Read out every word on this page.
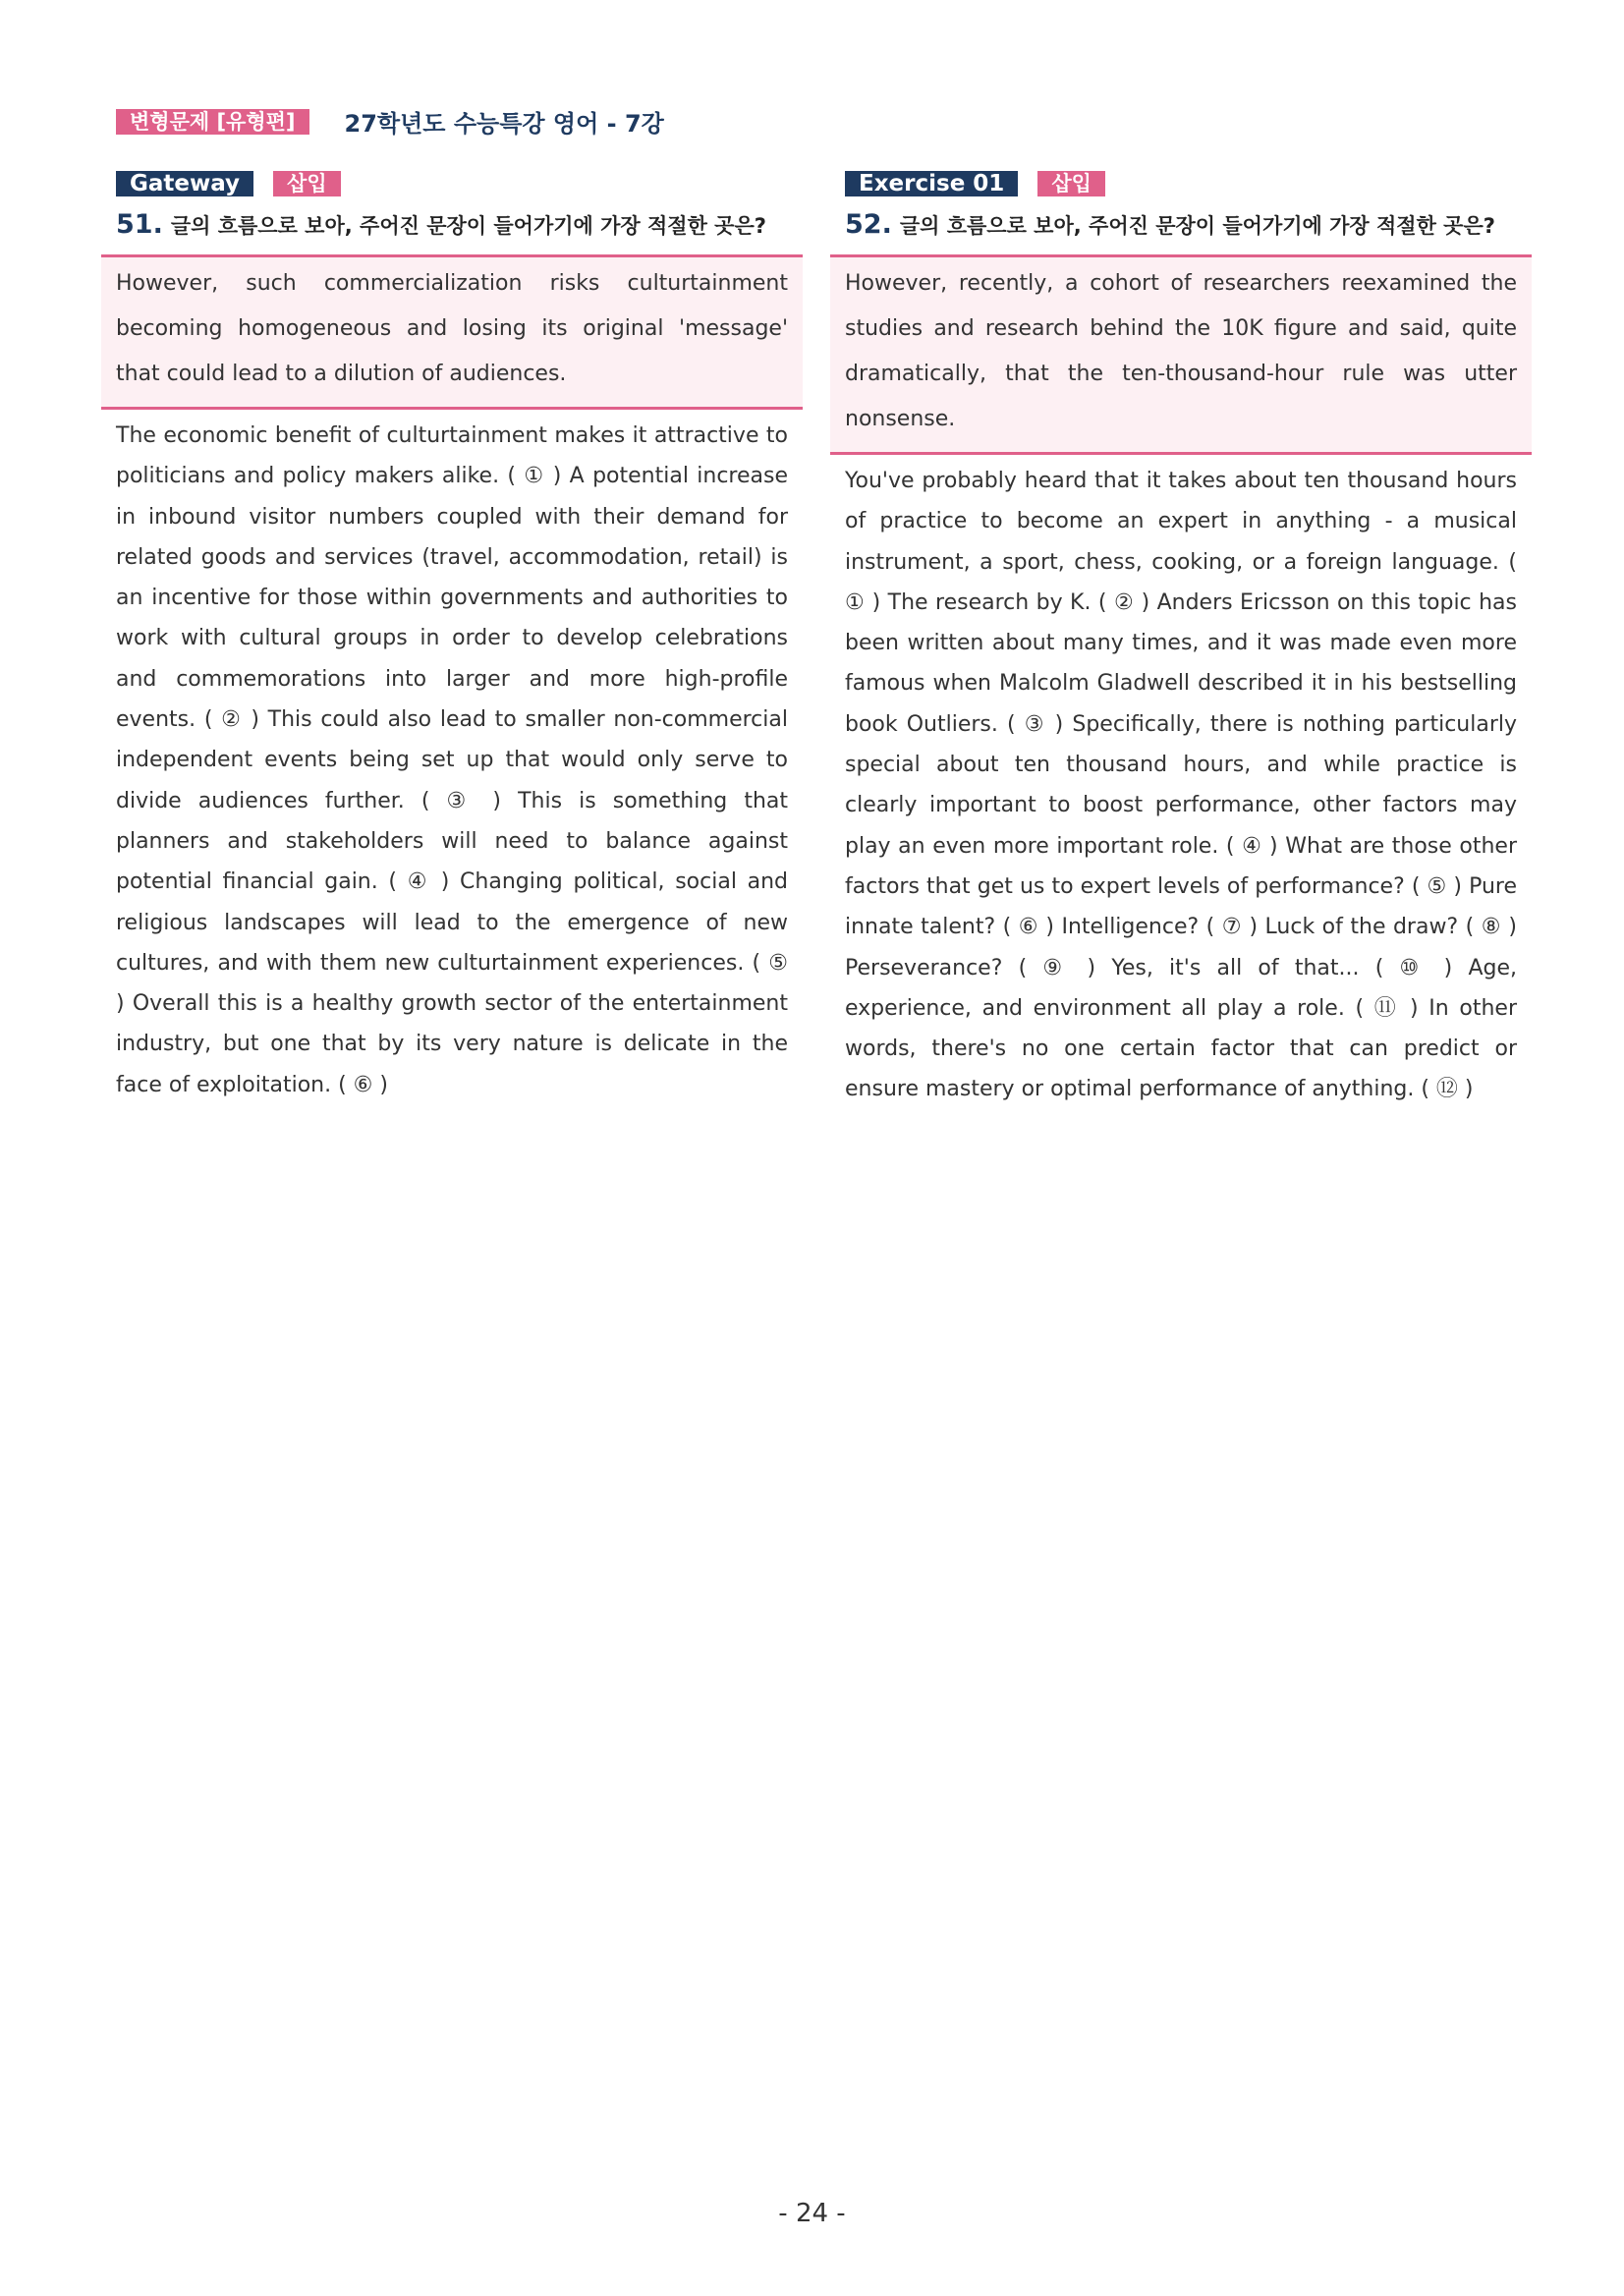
변형문제 [유형편]	27학년도 수능특강 영어 - 7강
Gateway	삽입
51. 글의 흐름으로 보아, 주어진 문장이 들어가기에 가장 적절한 곳은?
However, such commercialization risks culturtainment becoming homogeneous and losing its original 'message' that could lead to a dilution of audiences.
The economic benefit of culturtainment makes it attractive to politicians and policy makers alike. ( ① ) A potential increase in inbound visitor numbers coupled with their demand for related goods and services (travel, accommodation, retail) is an incentive for those within governments and authorities to work with cultural groups in order to develop celebrations and commemorations into larger and more high-profile events. ( ② ) This could also lead to smaller non-commercial independent events being set up that would only serve to divide audiences further. ( ③ ) This is something that planners and stakeholders will need to balance against potential financial gain. ( ④ ) Changing political, social and religious landscapes will lead to the emergence of new cultures, and with them new culturtainment experiences. ( ⑤ ) Overall this is a healthy growth sector of the entertainment industry, but one that by its very nature is delicate in the face of exploitation. ( ⑥ )
Exercise 01	삽입
52. 글의 흐름으로 보아, 주어진 문장이 들어가기에 가장 적절한 곳은?
However, recently, a cohort of researchers reexamined the studies and research behind the 10K figure and said, quite dramatically, that the ten-thousand-hour rule was utter nonsense.
You've probably heard that it takes about ten thousand hours of practice to become an expert in anything - a musical instrument, a sport, chess, cooking, or a foreign language. ( ① ) The research by K. ( ② ) Anders Ericsson on this topic has been written about many times, and it was made even more famous when Malcolm Gladwell described it in his bestselling book Outliers. ( ③ ) Specifically, there is nothing particularly special about ten thousand hours, and while practice is clearly important to boost performance, other factors may play an even more important role. ( ④ ) What are those other factors that get us to expert levels of performance? ( ⑤ ) Pure innate talent? ( ⑥ ) Intelligence? ( ⑦ ) Luck of the draw? ( ⑧ ) Perseverance? ( ⑨ ) Yes, it's all of that... ( ⑩ ) Age, experience, and environment all play a role. ( ⑪ ) In other words, there's no one certain factor that can predict or ensure mastery or optimal performance of anything. ( ⑫ )
- 24 -
